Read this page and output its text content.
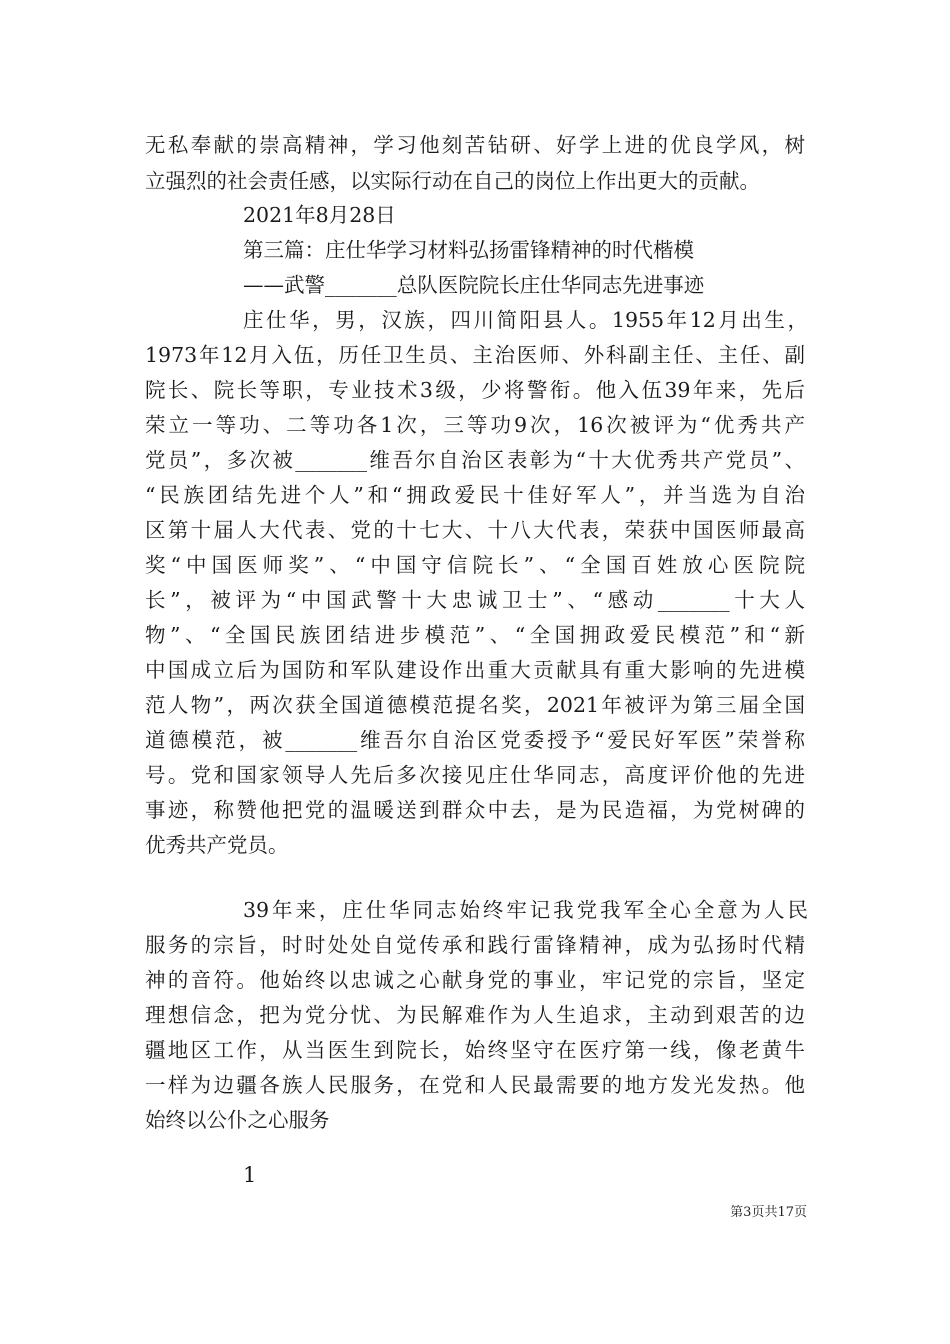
无私奉献的崇高精神，学习他刻苦钻研、好学上进的优良学风，树
立强烈的社会责任感，以实际行动在自己的岗位上作出更大的贡献。
2021年8月28日
第三篇：庄仕华学习材料弘扬雷锋精神的时代楷模
——武警_______总队医院院长庄仕华同志先进事迹
庄仕华，男，汉族，四川简阳县人。1955年12月出生，
1973年12月入伍，历任卫生员、主治医师、外科副主任、主任、副
院长、院长等职，专业技术3级，少将警衔。他入伍39年来，先后
荣立一等功、二等功各1次，三等功9次，16次被评为“优秀共产
党员”，多次被_______维吾尔自治区表彰为“十大优秀共产党员”、
“民族团结先进个人”和“拥政爱民十佳好军人”，并当选为自治
区第十届人大代表、党的十七大、十八大代表，荣获中国医师最高
奖“中国医师奖”、“中国守信院长”、“全国百姓放心医院院
长”，被评为“中国武警十大忠诚卫士”、“感动_______十大人
物”、“全国民族团结进步模范”、“全国拥政爱民模范”和“新
中国成立后为国防和军队建设作出重大贡献具有重大影响的先进模
范人物”，两次获全国道德模范提名奖，2021年被评为第三届全国
道德模范，被_______维吾尔自治区党委授予“爱民好军医”荣誉称
号。党和国家领导人先后多次接见庄仕华同志，高度评价他的先进
事迹，称赞他把党的温暖送到群众中去，是为民造福，为党树碑的
优秀共产党员。
39年来，庄仕华同志始终牢记我党我军全心全意为人民
服务的宗旨，时时处处自觉传承和践行雷锋精神，成为弘扬时代精
神的音符。他始终以忠诚之心献身党的事业，牢记党的宗旨，坚定
理想信念，把为党分忧、为民解难作为人生追求，主动到艰苦的边
疆地区工作，从当医生到院长，始终坚守在医疗第一线，像老黄牛
一样为边疆各族人民服务，在党和人民最需要的地方发光发热。他
始终以公仆之心服务
1
第3页共17页
